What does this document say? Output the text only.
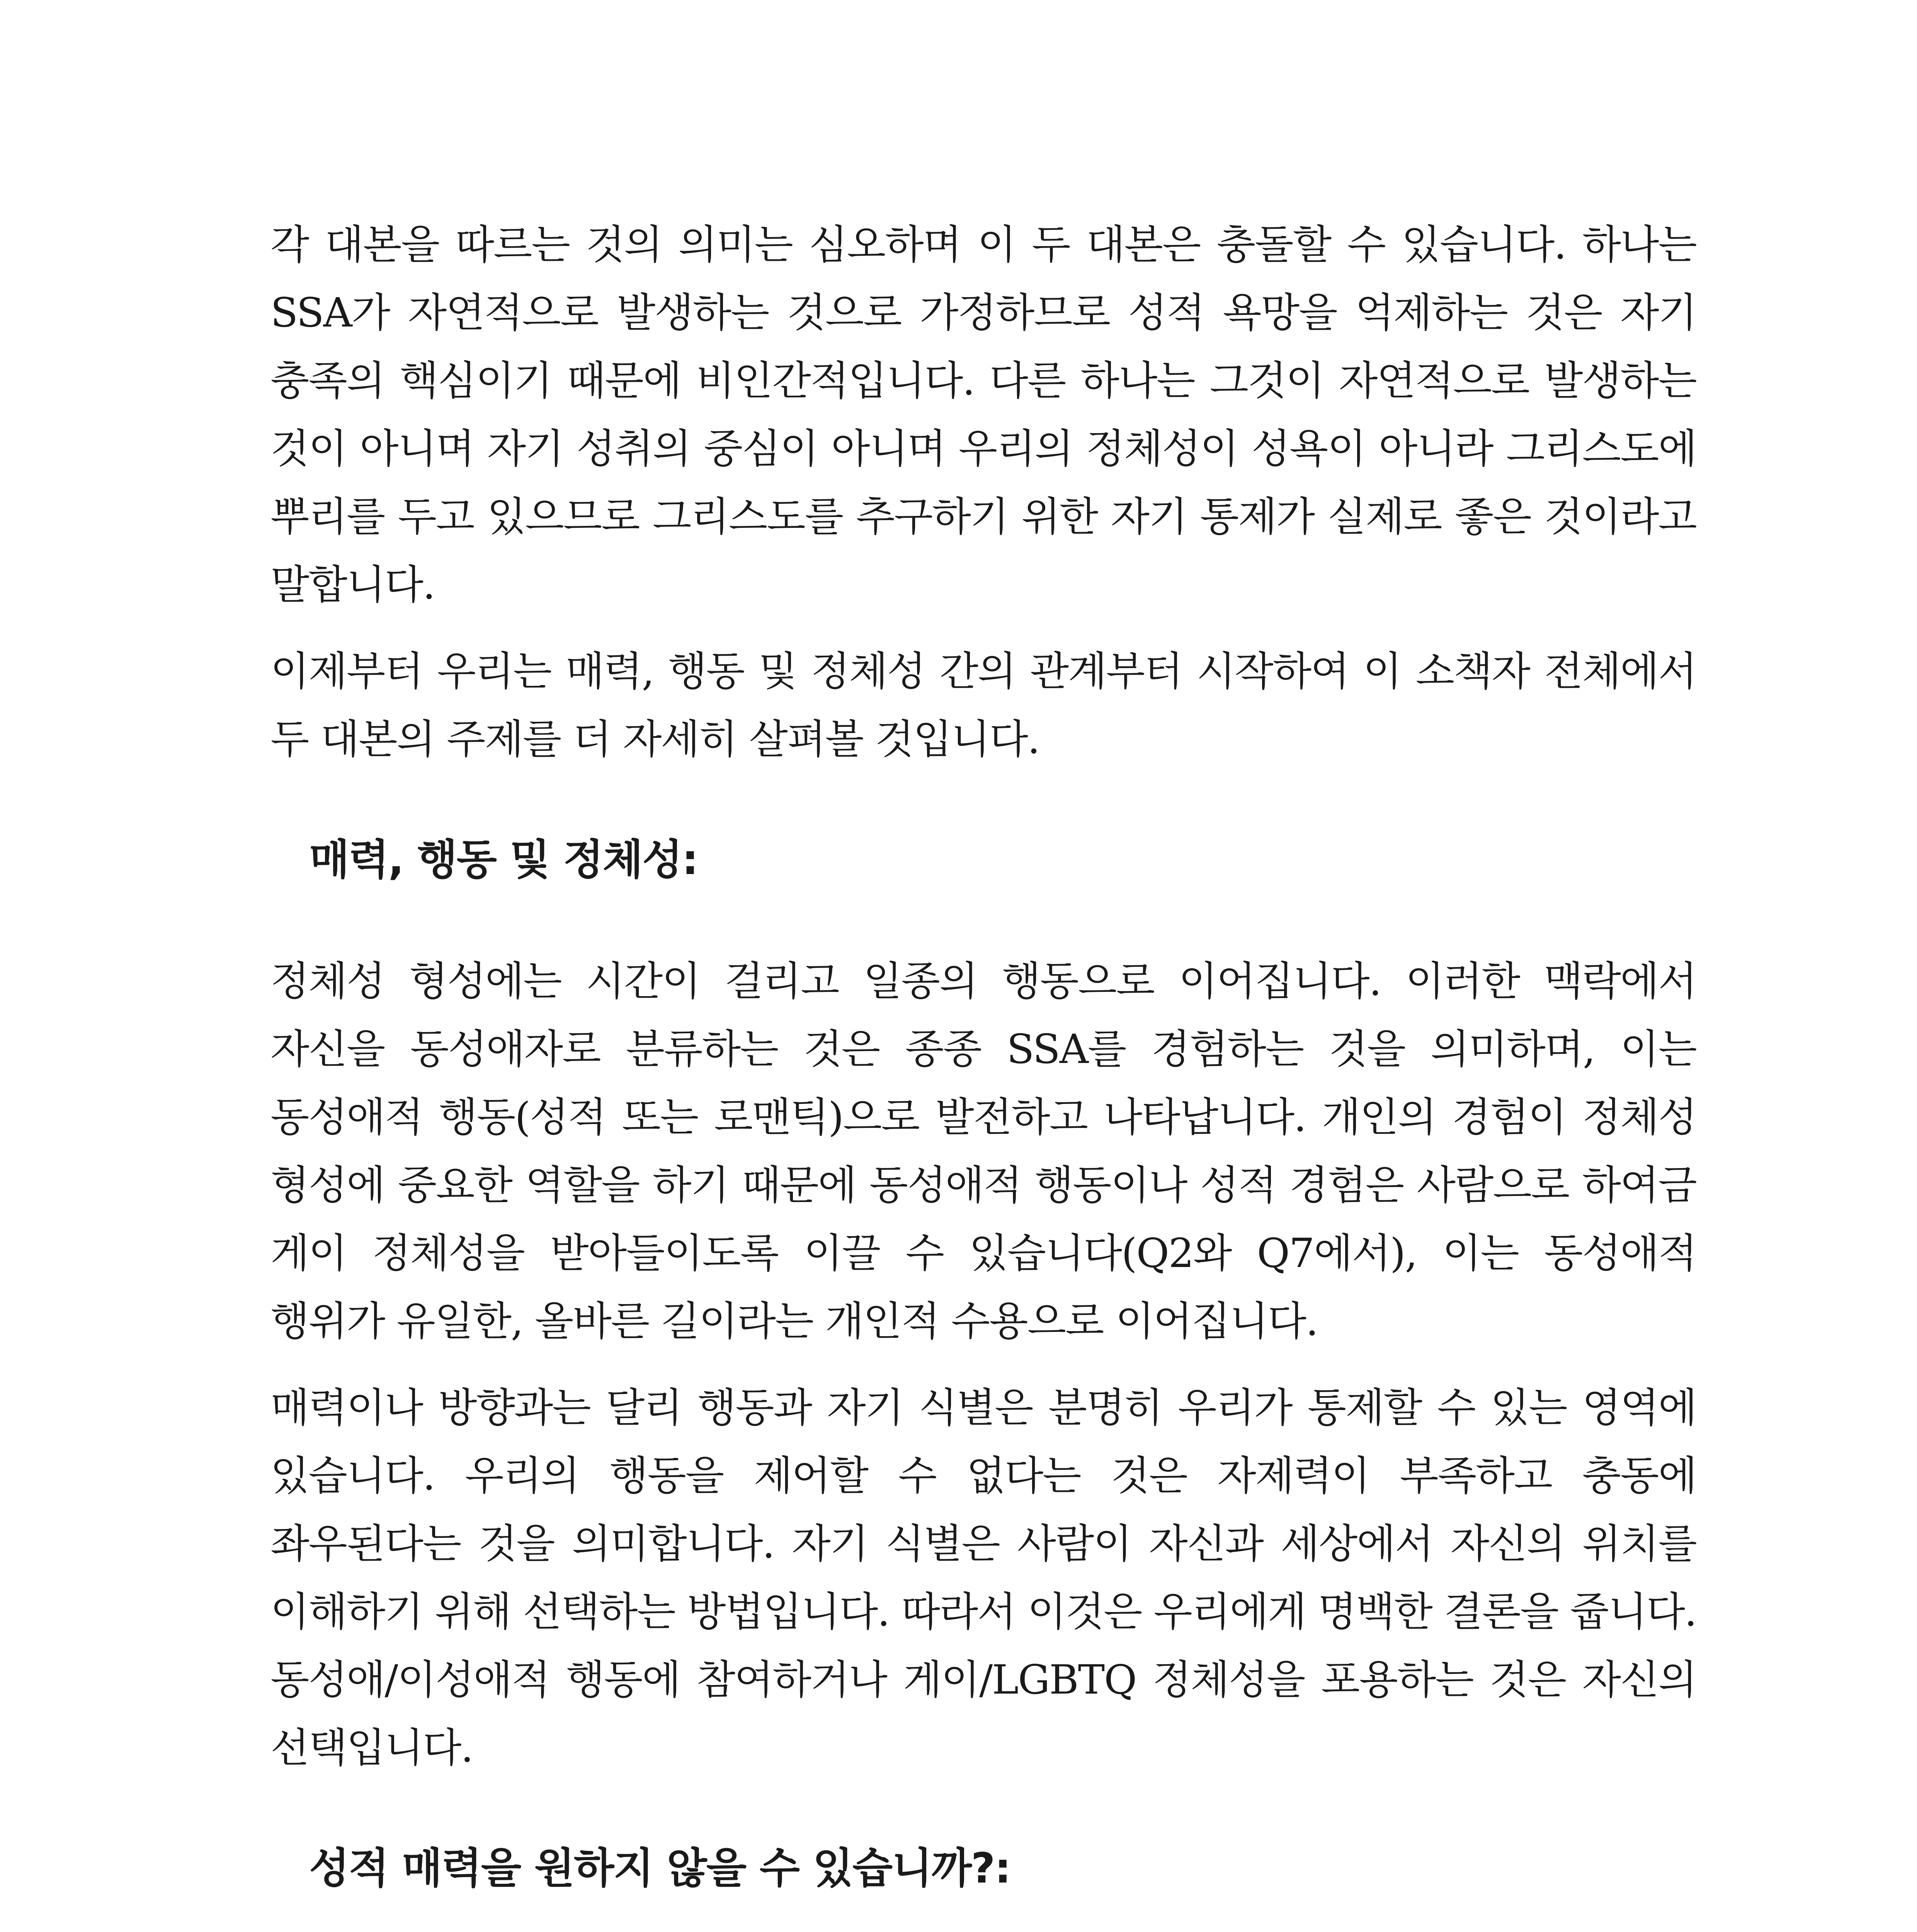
각 대본을 따르는 것의 의미는 심오하며 이 두 대본은 충돌할 수 있습니다. 하나는 SSA가 자연적으로 발생하는 것으로 가정하므로 성적 욕망을 억제하는 것은 자기 충족의 핵심이기 때문에 비인간적입니다. 다른 하나는 그것이 자연적으로 발생하는 것이 아니며 자기 성취의 중심이 아니며 우리의 정체성이 성욕이 아니라 그리스도에 뿌리를 두고 있으므로 그리스도를 추구하기 위한 자기 통제가 실제로 좋은 것이라고 말합니다.

이제부터 우리는 매력, 행동 및 정체성 간의 관계부터 시작하여 이 소책자 전체에서 두 대본의 주제를 더 자세히 살펴볼 것입니다.

매력, 행동 및 정체성:

정체성 형성에는 시간이 걸리고 일종의 행동으로 이어집니다. 이러한 맥락에서 자신을 동성애자로 분류하는 것은 종종 SSA를 경험하는 것을 의미하며, 이는 동성애적 행동(성적 또는 로맨틱)으로 발전하고 나타납니다. 개인의 경험이 정체성 형성에 중요한 역할을 하기 때문에 동성애적 행동이나 성적 경험은 사람으로 하여금 게이 정체성을 받아들이도록 이끌 수 있습니다(Q2와 Q7에서), 이는 동성애적 행위가 유일한, 올바른 길이라는 개인적 수용으로 이어집니다.

매력이나 방향과는 달리 행동과 자기 식별은 분명히 우리가 통제할 수 있는 영역에 있습니다. 우리의 행동을 제어할 수 없다는 것은 자제력이 부족하고 충동에 좌우된다는 것을 의미합니다. 자기 식별은 사람이 자신과 세상에서 자신의 위치를 이해하기 위해 선택하는 방법입니다. 따라서 이것은 우리에게 명백한 결론을 줍니다. 동성애/이성애적 행동에 참여하거나 게이/LGBTQ 정체성을 포용하는 것은 자신의 선택입니다.

성적 매력을 원하지 않을 수 있습니까?:
